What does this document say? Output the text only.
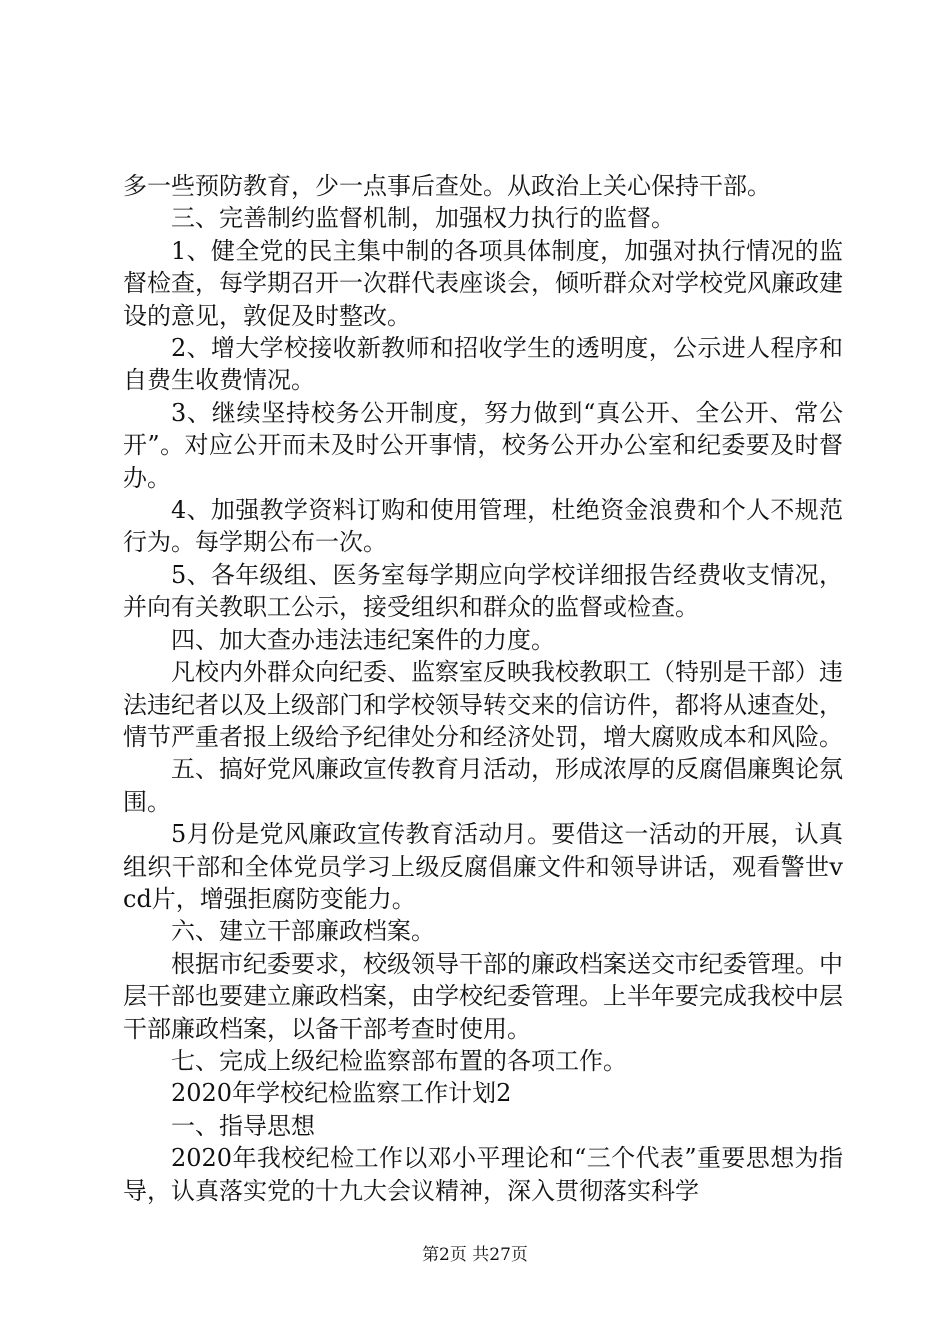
多一些预防教育，少一点事后查处。从政治上关心保持干部。

三、完善制约监督机制，加强权力执行的监督。

1、健全党的民主集中制的各项具体制度，加强对执行情况的监督检查，每学期召开一次群代表座谈会，倾听群众对学校党风廉政建设的意见，敦促及时整改。

2、增大学校接收新教师和招收学生的透明度，公示进人程序和自费生收费情况。

3、继续坚持校务公开制度，努力做到“真公开、全公开、常公开”。对应公开而未及时公开事情，校务公开办公室和纪委要及时督办。

4、加强教学资料订购和使用管理，杜绝资金浪费和个人不规范行为。每学期公布一次。

5、各年级组、医务室每学期应向学校详细报告经费收支情况，并向有关教职工公示，接受组织和群众的监督或检查。

四、加大查办违法违纪案件的力度。

凡校内外群众向纪委、监察室反映我校教职工（特别是干部）违法违纪者以及上级部门和学校领导转交来的信访件，都将从速查处，情节严重者报上级给予纪律处分和经济处罚，增大腐败成本和风险。

五、搞好党风廉政宣传教育月活动，形成浓厚的反腐倡廉舆论氛围。

5月份是党风廉政宣传教育活动月。要借这一活动的开展，认真组织干部和全体党员学习上级反腐倡廉文件和领导讲话，观看警世vcd片，增强拒腐防变能力。

六、建立干部廉政档案。

根据市纪委要求，校级领导干部的廉政档案送交市纪委管理。中层干部也要建立廉政档案，由学校纪委管理。上半年要完成我校中层干部廉政档案，以备干部考查时使用。

七、完成上级纪检监察部布置的各项工作。

2020年学校纪检监察工作计划2

一、指导思想

2020年我校纪检工作以邓小平理论和“三个代表”重要思想为指导，认真落实党的十九大会议精神，深入贯彻落实科学

第2页 共27页
